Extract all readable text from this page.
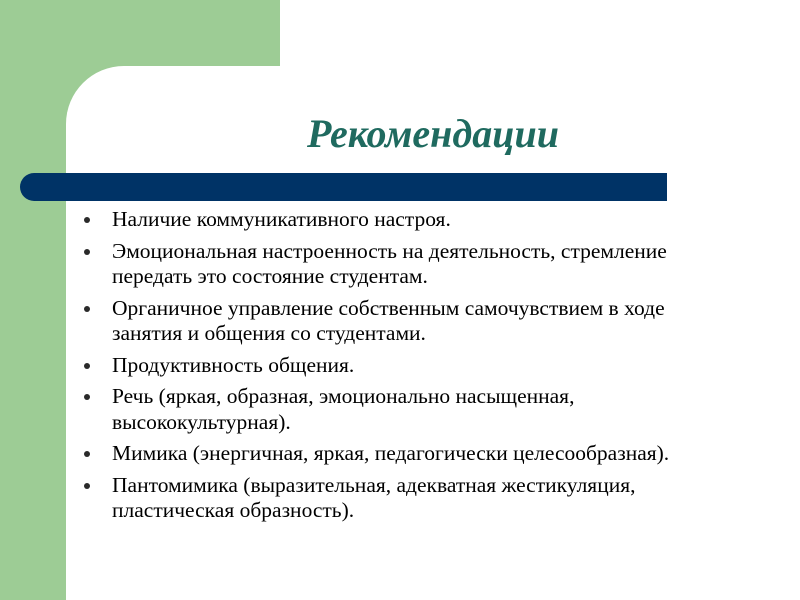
Рекомендации
Наличие коммуникативного настроя.
Эмоциональная настроенность на деятельность, стремление передать это состояние студентам.
Органичное управление собственным самочувствием в ходе занятия и общения со студентами.
Продуктивность общения.
Речь (яркая, образная, эмоционально насыщенная, высококультурная).
Мимика (энергичная, яркая, педагогически целесообразная).
Пантомимика (выразительная, адекватная жестикуляция, пластическая образность).
